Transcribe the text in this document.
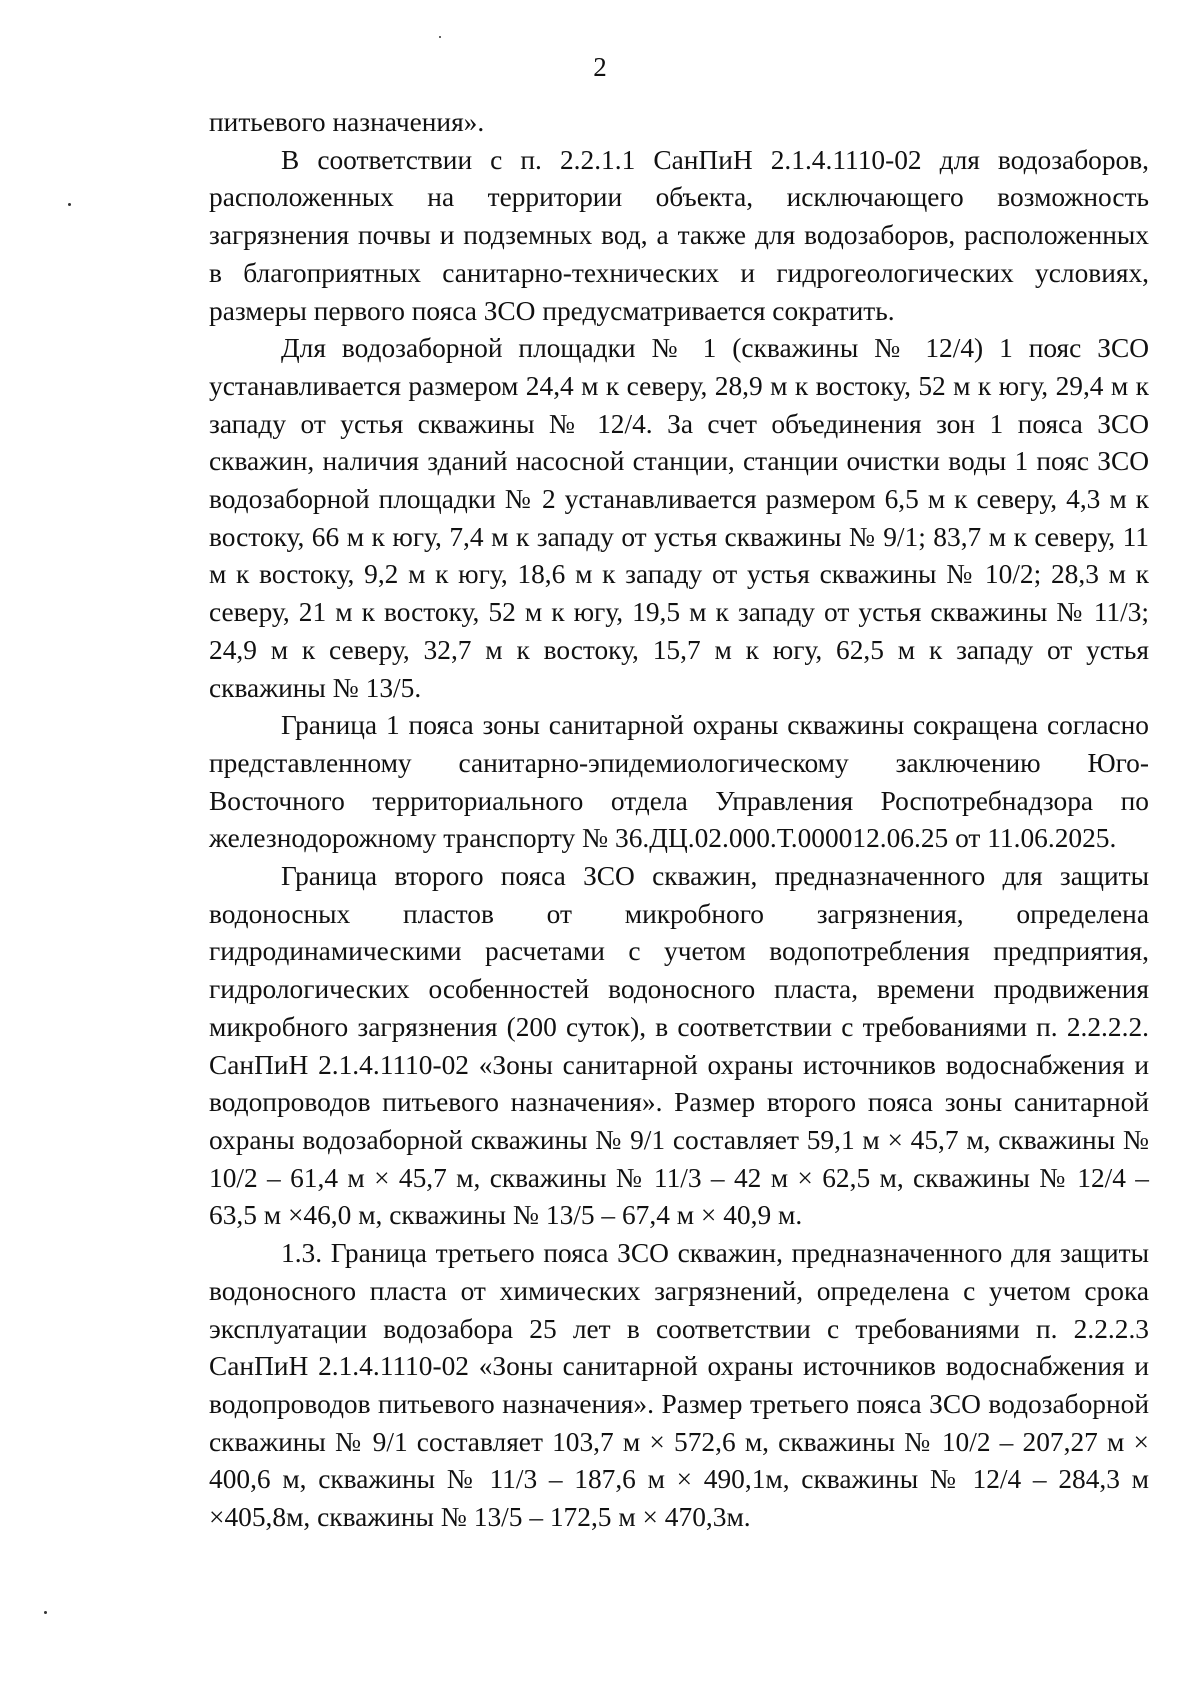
2

питьевого назначения».

В соответствии с п. 2.2.1.1 СанПиН 2.1.4.1110-02 для водозаборов, расположенных на территории объекта, исключающего возможность загрязнения почвы и подземных вод, а также для водозаборов, расположенных в благоприятных санитарно-технических и гидрогеологических условиях, размеры первого пояса ЗСО предусматривается сократить.

Для водозаборной площадки № 1 (скважины № 12/4) 1 пояс ЗСО устанавливается размером 24,4 м к северу, 28,9 м к востоку, 52 м к югу, 29,4 м к западу от устья скважины № 12/4. За счет объединения зон 1 пояса ЗСО скважин, наличия зданий насосной станции, станции очистки воды 1 пояс ЗСО водозаборной площадки № 2 устанавливается размером 6,5 м к северу, 4,3 м к востоку, 66 м к югу, 7,4 м к западу от устья скважины № 9/1; 83,7 м к северу, 11 м к востоку, 9,2 м к югу, 18,6 м к западу от устья скважины № 10/2; 28,3 м к северу, 21 м к востоку, 52 м к югу, 19,5 м к западу от устья скважины № 11/3; 24,9 м к северу, 32,7 м к востоку, 15,7 м к югу, 62,5 м к западу от устья скважины № 13/5.

Граница 1 пояса зоны санитарной охраны скважины сокращена согласно представленному санитарно-эпидемиологическому заключению Юго-Восточного территориального отдела Управления Роспотребнадзора по железнодорожному транспорту № 36.ДЦ.02.000.Т.000012.06.25 от 11.06.2025.

Граница второго пояса ЗСО скважин, предназначенного для защиты водоносных пластов от микробного загрязнения, определена гидродинамическими расчетами с учетом водопотребления предприятия, гидрологических особенностей водоносного пласта, времени продвижения микробного загрязнения (200 суток), в соответствии с требованиями п. 2.2.2.2. СанПиН 2.1.4.1110-02 «Зоны санитарной охраны источников водоснабжения и водопроводов питьевого назначения». Размер второго пояса зоны санитарной охраны водозаборной скважины № 9/1 составляет 59,1 м × 45,7 м, скважины № 10/2 – 61,4 м × 45,7 м, скважины № 11/3 – 42 м × 62,5 м, скважины № 12/4 – 63,5 м ×46,0 м, скважины № 13/5 – 67,4 м × 40,9 м.

1.3. Граница третьего пояса ЗСО скважин, предназначенного для защиты водоносного пласта от химических загрязнений, определена с учетом срока эксплуатации водозабора 25 лет в соответствии с требованиями п. 2.2.2.3 СанПиН 2.1.4.1110-02 «Зоны санитарной охраны источников водоснабжения и водопроводов питьевого назначения». Размер третьего пояса ЗСО водозаборной скважины № 9/1 составляет 103,7 м × 572,6 м, скважины № 10/2 – 207,27 м × 400,6 м, скважины № 11/3 – 187,6 м × 490,1м, скважины № 12/4 – 284,3 м ×405,8м, скважины № 13/5 – 172,5 м × 470,3м.
